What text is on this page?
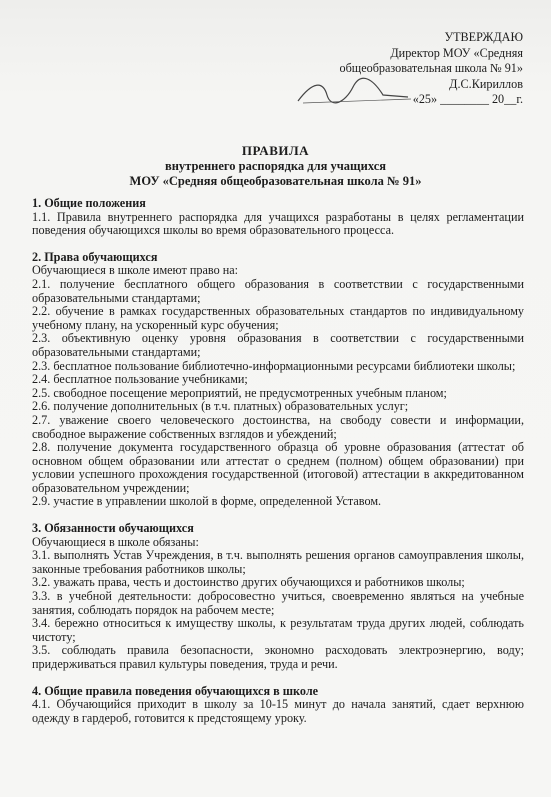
УТВЕРЖДАЮ
Директор МОУ «Средняя
общеобразовательная школа № 91»
Д.С.Кириллов
«25» ________ 20__г.
ПРАВИЛА
внутреннего распорядка для учащихся
МОУ «Средняя общеобразовательная школа № 91»

1. Общие положения

1.1. Правила внутреннего распорядка для учащихся разработаны в целях регламентации поведения обучающихся школы во время образовательного процесса.

2. Права обучающихся

Обучающиеся в школе имеют право на:

2.1. получение бесплатного общего образования в соответствии с государственными образовательными стандартами;

2.2. обучение в рамках государственных образовательных стандартов по индивидуальному учебному плану, на ускоренный курс обучения;

2.3. объективную оценку уровня образования в соответствии с государственными образовательными стандартами;

2.3. бесплатное пользование библиотечно-информационными ресурсами библиотеки школы;

2.4. бесплатное пользование учебниками;

2.5. свободное посещение мероприятий, не предусмотренных учебным планом;

2.6. получение дополнительных (в т.ч. платных) образовательных услуг;

2.7. уважение своего человеческого достоинства, на свободу совести и информации, свободное выражение собственных взглядов и убеждений;

2.8. получение документа государственного образца об уровне образования (аттестат об основном общем образовании или аттестат о среднем (полном) общем образовании) при условии успешного прохождения государственной (итоговой) аттестации в аккредитованном образовательном учреждении;

2.9. участие в управлении школой в форме, определенной Уставом.

3. Обязанности обучающихся

Обучающиеся в школе обязаны:

3.1. выполнять Устав Учреждения, в т.ч. выполнять решения органов самоуправления школы, законные требования работников школы;

3.2. уважать права, честь и достоинство других обучающихся и работников школы;

3.3. в учебной деятельности: добросовестно учиться, своевременно являться на учебные занятия, соблюдать порядок на рабочем месте;

3.4. бережно относиться к имуществу школы, к результатам труда других людей, соблюдать чистоту;

3.5. соблюдать правила безопасности, экономно расходовать электроэнергию, воду; придерживаться правил культуры поведения, труда и речи.

4. Общие правила поведения обучающихся в школе

4.1. Обучающийся приходит в школу за 10-15 минут до начала занятий, сдает верхнюю одежду в гардероб, готовится к предстоящему уроку.
